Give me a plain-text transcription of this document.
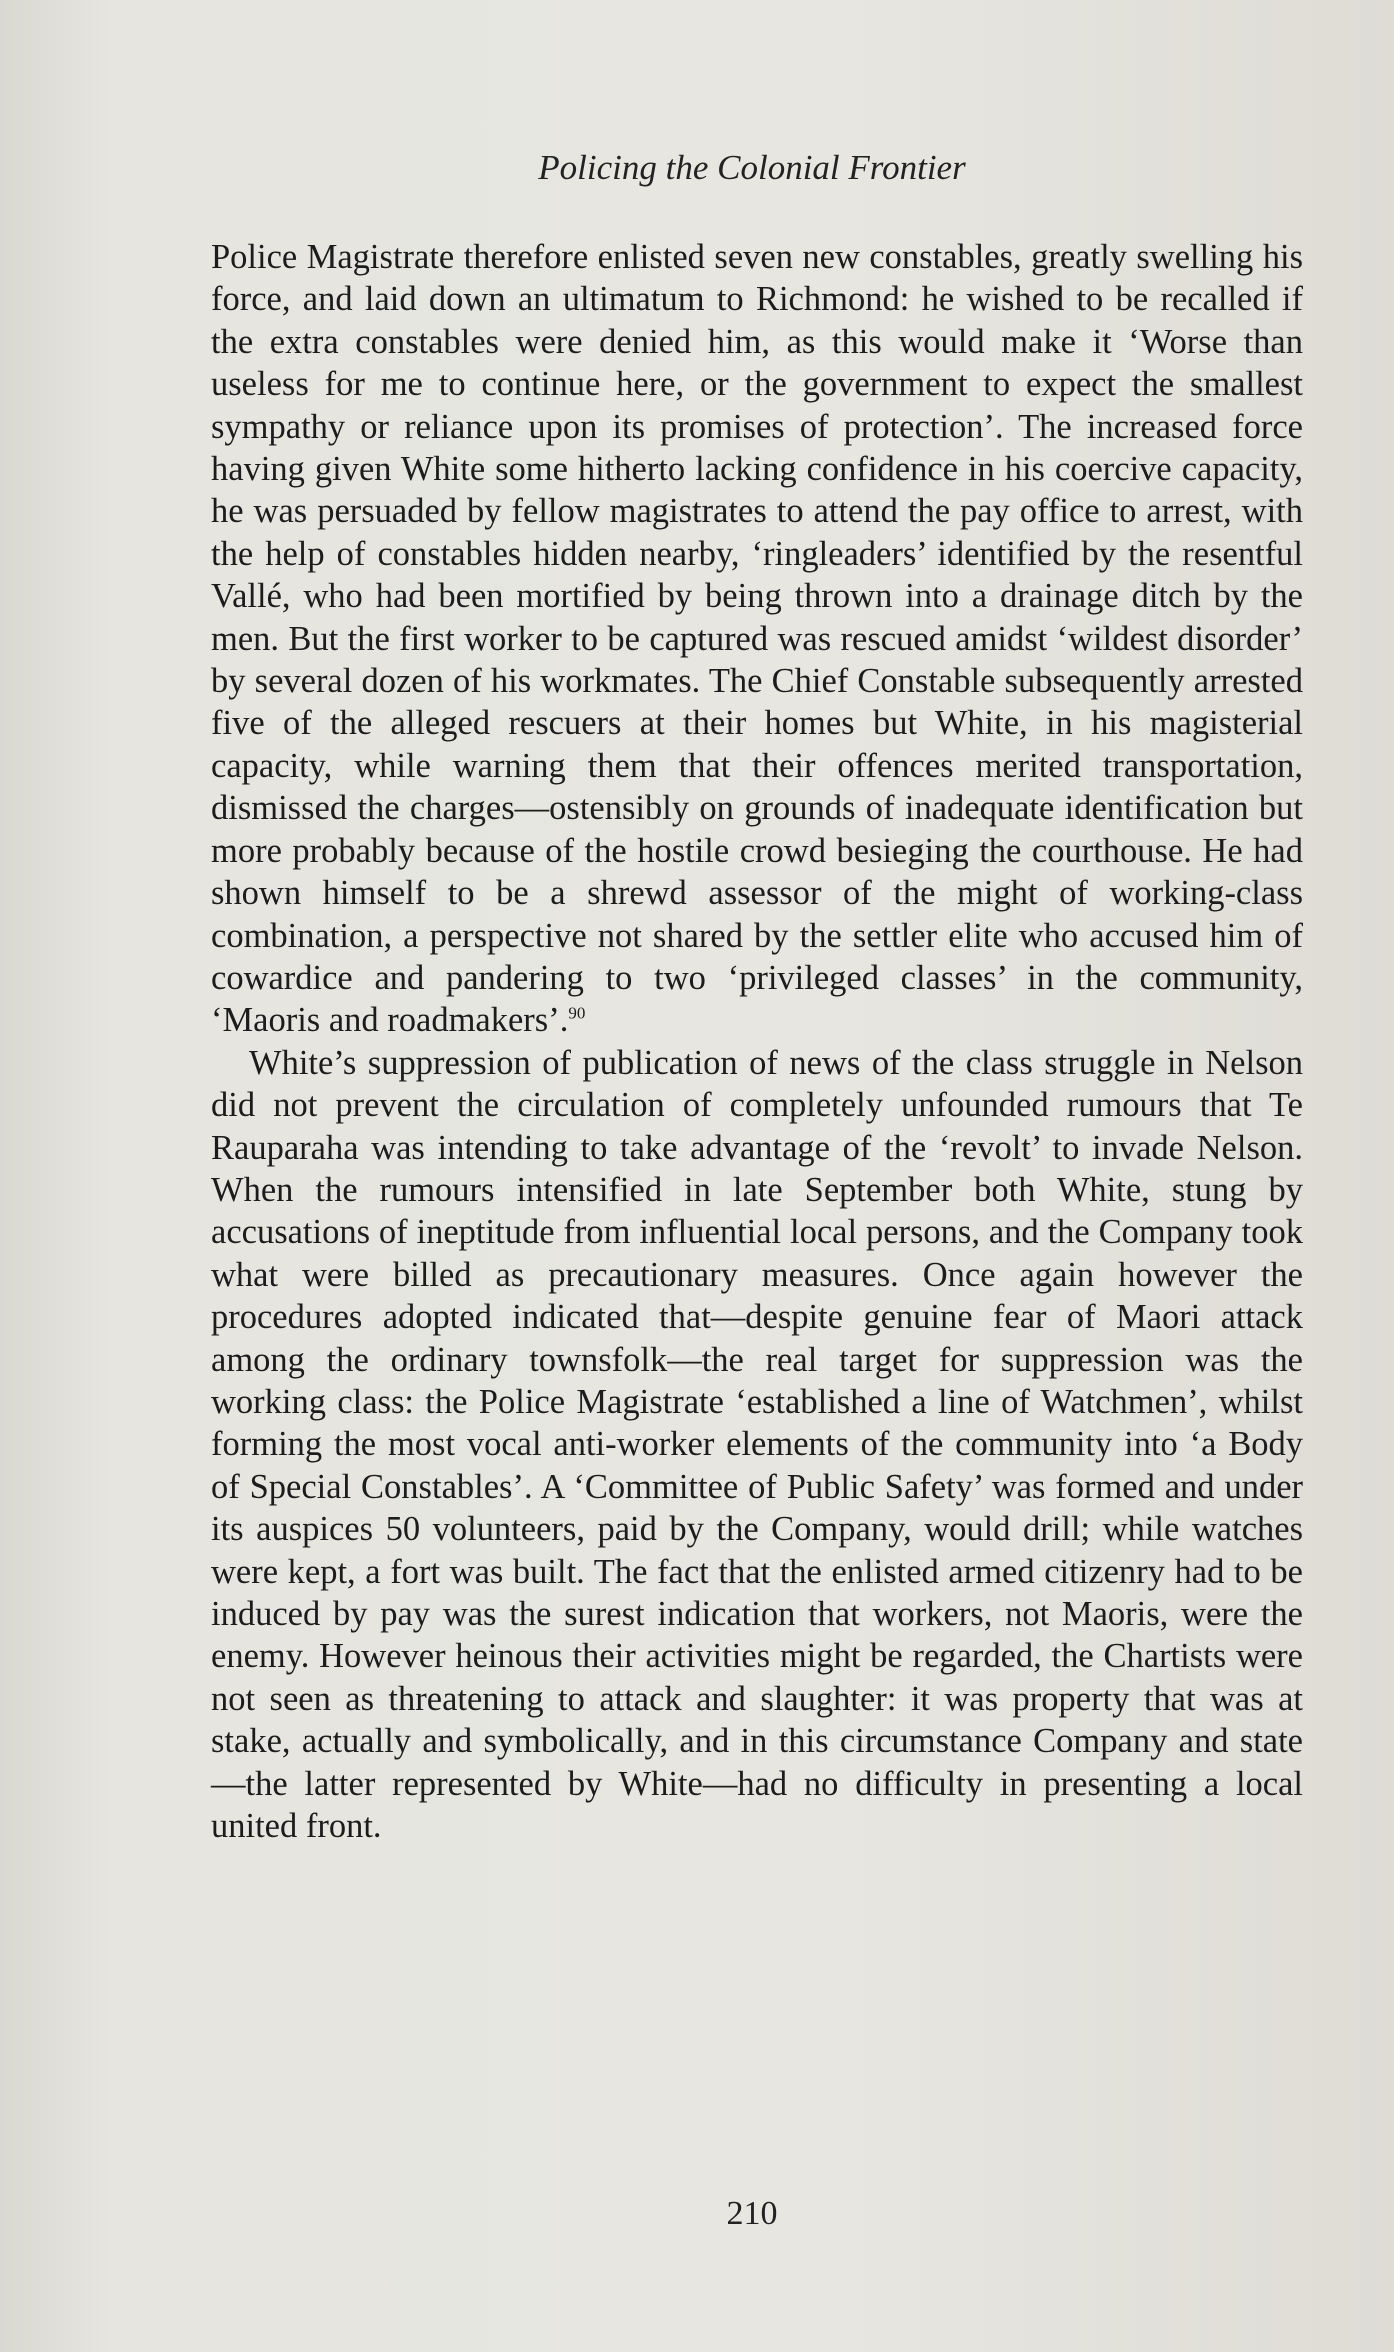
Policing the Colonial Frontier

Police Magistrate therefore enlisted seven new constables, greatly swelling his force, and laid down an ultimatum to Richmond: he wished to be recalled if the extra constables were denied him, as this would make it ‘Worse than useless for me to continue here, or the government to expect the smallest sympathy or reliance upon its promises of protection’. The increased force having given White some hitherto lacking confidence in his coercive capacity, he was persuaded by fellow magistrates to attend the pay office to arrest, with the help of constables hidden nearby, ‘ringleaders’ identified by the resentful Vallé, who had been mortified by being thrown into a drainage ditch by the men. But the first worker to be captured was rescued amidst ‘wildest disorder’ by several dozen of his workmates. The Chief Constable subsequently arrested five of the alleged rescuers at their homes but White, in his magisterial capacity, while warning them that their offences merited transportation, dismissed the charges—ostensibly on grounds of inadequate identification but more probably because of the hostile crowd besieging the courthouse. He had shown himself to be a shrewd assessor of the might of working-class combination, a perspective not shared by the settler elite who accused him of cowardice and pandering to two ‘privileged classes’ in the community, ‘Maoris and roadmakers’.$^{90}$

White’s suppression of publication of news of the class struggle in Nelson did not prevent the circulation of completely unfounded rumours that Te Rauparaha was intending to take advantage of the ‘revolt’ to invade Nelson. When the rumours intensified in late September both White, stung by accusations of ineptitude from influential local persons, and the Company took what were billed as precautionary measures. Once again however the procedures adopted indicated that—despite genuine fear of Maori attack among the ordinary townsfolk—the real target for suppression was the working class: the Police Magistrate ‘established a line of Watchmen’, whilst forming the most vocal anti-worker elements of the community into ‘a Body of Special Constables’. A ‘Committee of Public Safety’ was formed and under its auspices 50 volunteers, paid by the Company, would drill; while watches were kept, a fort was built. The fact that the enlisted armed citizenry had to be induced by pay was the surest indication that workers, not Maoris, were the enemy. However heinous their activities might be regarded, the Chartists were not seen as threatening to attack and slaughter: it was property that was at stake, actually and symbolically, and in this circumstance Company and state—the latter represented by White—had no difficulty in presenting a local united front.

210
